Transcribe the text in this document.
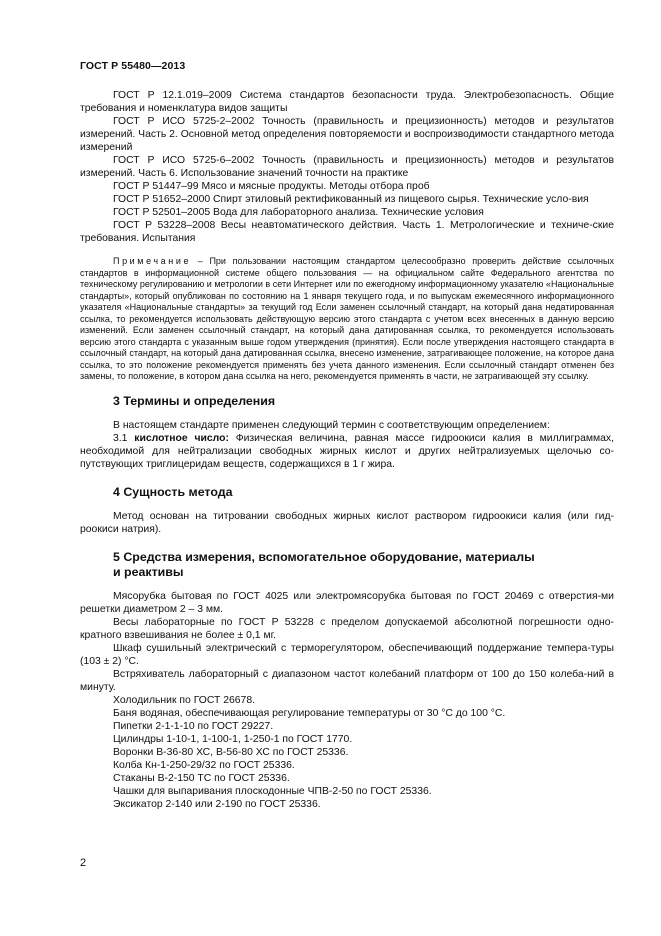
ГОСТ Р 55480—2013

ГОСТ Р 12.1.019–2009 Система стандартов безопасности труда. Электробезопасность. Общие требования и номенклатура видов защиты

ГОСТ Р ИСО 5725-2–2002 Точность (правильность и прецизионность) методов и результатов измерений. Часть 2. Основной метод определения повторяемости и воспроизводимости стандартного метода измерений

ГОСТ Р ИСО 5725-6–2002 Точность (правильность и прецизионность) методов и результатов измерений. Часть 6. Использование значений точности на практике

ГОСТ Р 51447–99 Мясо и мясные продукты. Методы отбора проб

ГОСТ Р 51652–2000 Спирт этиловый ректификованный из пищевого сырья. Технические усло-вия

ГОСТ Р 52501–2005 Вода для лабораторного анализа. Технические условия

ГОСТ Р 53228–2008 Весы неавтоматического действия. Часть 1. Метрологические и техниче-ские требования. Испытания

Примечание – При пользовании настоящим стандартом целесообразно проверить действие ссылочных стандартов в информационной системе общего пользования — на официальном сайте Федерального агентства по техническому регулированию и метрологии в сети Интернет или по ежегодному информационному указателю «Национальные стандарты», который опубликован по состоянию на 1 января текущего года, и по выпускам ежемесячного информационного указателя «Национальные стандарты» за текущий год Если заменен ссылочный стандарт, на который дана недатированная ссылка, то рекомендуется использовать действующую версию этого стандарта с учетом всех внесенных в данную версию изменений. Если заменен ссылочный стандарт, на который дана датированная ссылка, то рекомендуется использовать версию этого стандарта с указанным выше годом утверждения (принятия). Если после утверждения настоящего стандарта в ссылочный стандарт, на который дана датированная ссылка, внесено изменение, затрагивающее положение, на которое дана ссылка, то это положение рекомендуется применять без учета данного изменения. Если ссылочный стандарт отменен без замены, то положение, в котором дана ссылка на него, рекомендуется применять в части, не затрагивающей эту ссылку.

3 Термины и определения

В настоящем стандарте применен следующий термин с соответствующим определением:

3.1 кислотное число: Физическая величина, равная массе гидроокиси калия в миллиграммах, необходимой для нейтрализации свободных жирных кислот и других нейтрализуемых щелочью со-путствующих триглицеридам веществ, содержащихся в 1 г жира.

4 Сущность метода

Метод основан на титровании свободных жирных кислот раствором гидроокиси калия (или гид-роокиси натрия).

5 Средства измерения, вспомогательное оборудование, материалы
и реактивы

Мясорубка бытовая по ГОСТ 4025 или электромясорубка бытовая по ГОСТ 20469 с отверстия-ми решетки диаметром 2 – 3 мм.

Весы лабораторные по ГОСТ Р 53228 с пределом допускаемой абсолютной погрешности одно-кратного взвешивания не более ± 0,1 мг.

Шкаф сушильный электрический с терморегулятором, обеспечивающий поддержание темпера-туры (103 ± 2) °С.

Встряхиватель лабораторный с диапазоном частот колебаний платформ от 100 до 150 колеба-ний в минуту.

Холодильник по ГОСТ 26678.

Баня водяная, обеспечивающая регулирование температуры от 30 °С до 100 °С.

Пипетки 2-1-1-10 по ГОСТ 29227.

Цилиндры 1-10-1, 1-100-1, 1-250-1 по ГОСТ 1770.

Воронки В-36-80 ХС, В-56-80 ХС по ГОСТ 25336.

Колба Кн-1-250-29/32 по ГОСТ 25336.

Стаканы В-2-150 ТС по ГОСТ 25336.

Чашки для выпаривания плоскодонные ЧПВ-2-50 по ГОСТ 25336.

Эксикатор 2-140 или 2-190 по ГОСТ 25336.

2
